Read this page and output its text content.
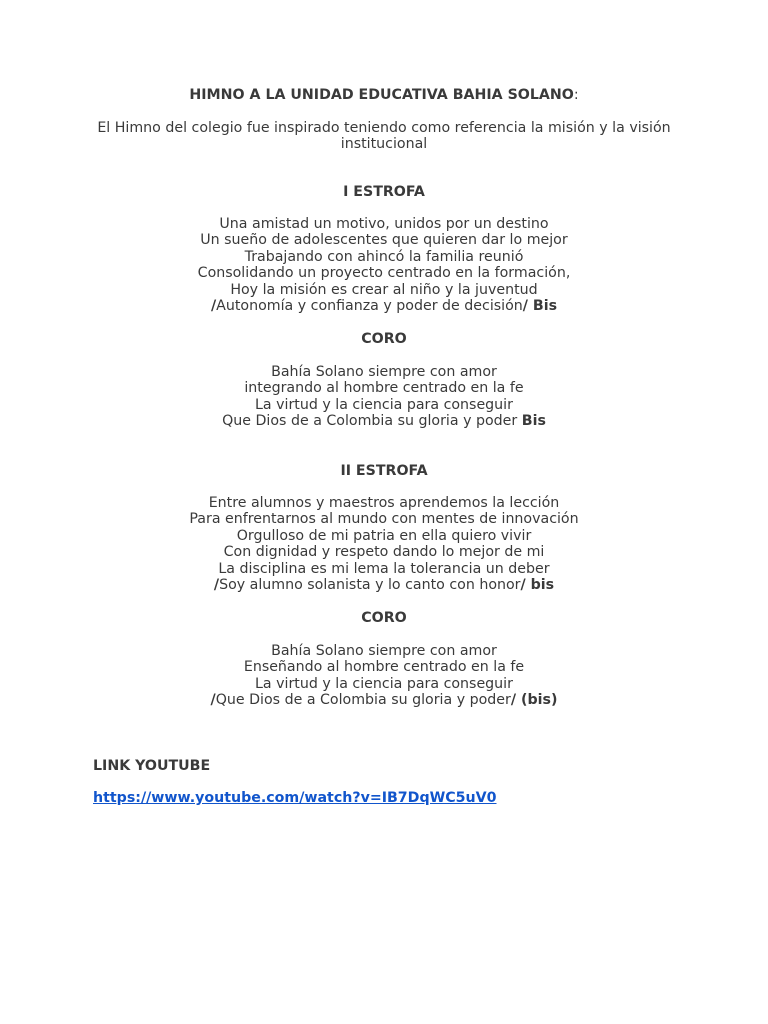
HIMNO A LA UNIDAD EDUCATIVA BAHIA SOLANO:
El Himno del colegio fue inspirado teniendo como referencia la misión y la visión institucional
I ESTROFA
Una amistad un motivo, unidos por un destino
Un sueño de adolescentes que quieren dar lo mejor
Trabajando con ahincó la familia reunió
Consolidando un proyecto centrado en la formación,
Hoy la misión es crear al niño y la juventud
/Autonomía y confianza y poder de decisión/ Bis
CORO
Bahía Solano siempre con amor
integrando al hombre centrado en la fe
La virtud y la ciencia para conseguir
Que Dios de a Colombia su gloria y poder Bis
II ESTROFA
Entre alumnos y maestros aprendemos la lección
Para enfrentarnos al mundo con mentes de innovación
Orgulloso de mi patria en ella quiero vivir
Con dignidad y respeto dando lo mejor de mi
La disciplina es mi lema la tolerancia un deber
/Soy alumno solanista y lo canto con honor/ bis
CORO
Bahía Solano siempre con amor
Enseñando al hombre centrado en la fe
La virtud y la ciencia para conseguir
/Que Dios de a Colombia su gloria y poder/ (bis)
LINK YOUTUBE
https://www.youtube.com/watch?v=IB7DqWC5uV0
